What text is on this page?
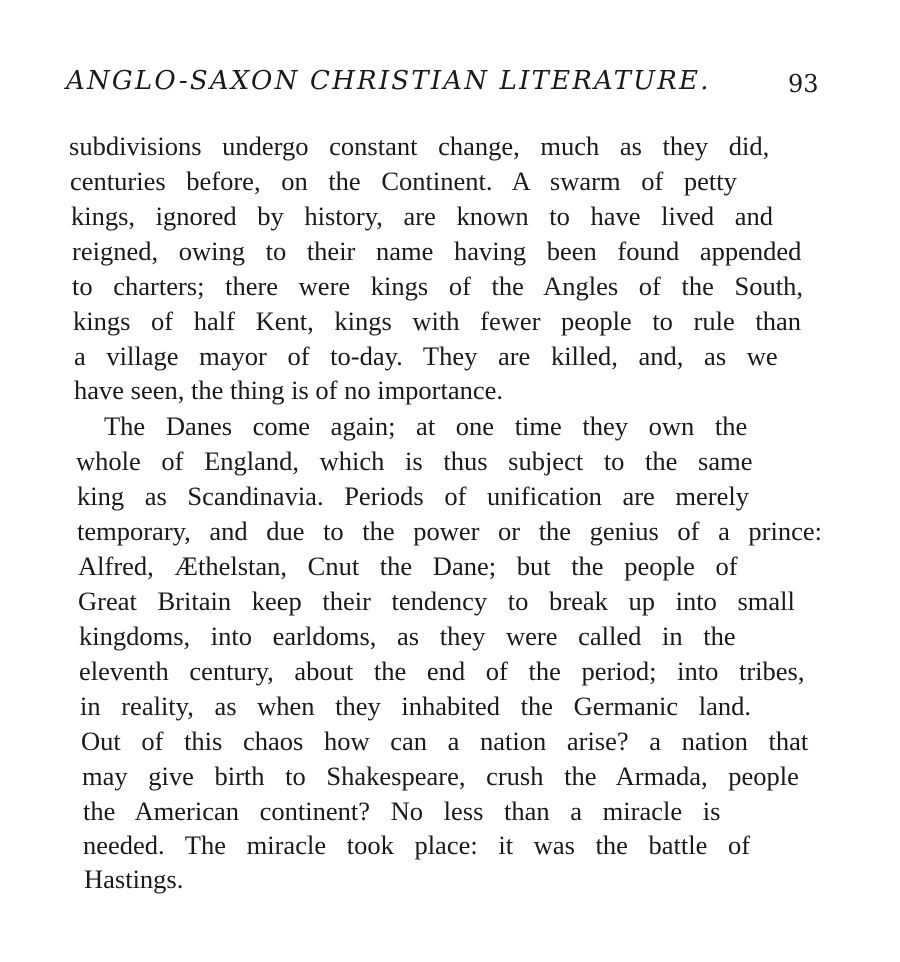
ANGLO-SAXON CHRISTIAN LITERATURE.	93
subdivisions undergo constant change, much as they did,
centuries before, on the Continent. A swarm of petty
kings, ignored by history, are known to have lived and
reigned, owing to their name having been found appended
to charters; there were kings of the Angles of the South,
kings of half Kent, kings with fewer people to rule than
a village mayor of to-day. They are killed, and, as we
have seen, the thing is of no importance.
The Danes come again; at one time they own the
whole of England, which is thus subject to the same
king as Scandinavia. Periods of unification are merely
temporary, and due to the power or the genius of a prince:
Alfred, Æthelstan, Cnut the Dane; but the people of
Great Britain keep their tendency to break up into small
kingdoms, into earldoms, as they were called in the
eleventh century, about the end of the period; into tribes,
in reality, as when they inhabited the Germanic land.
Out of this chaos how can a nation arise? a nation that
may give birth to Shakespeare, crush the Armada, people
the American continent? No less than a miracle is
needed. The miracle took place: it was the battle of
Hastings.
